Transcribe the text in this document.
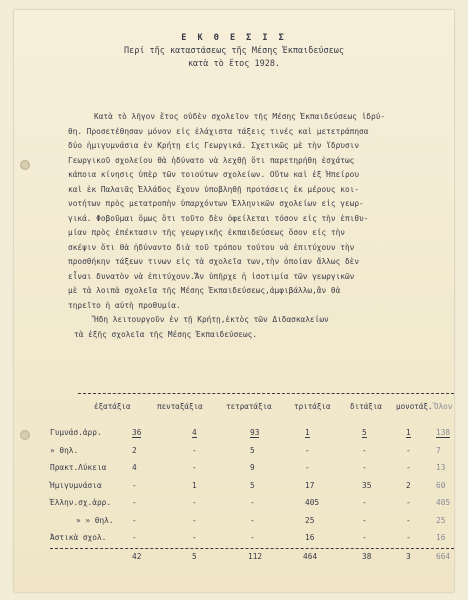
Ε Κ Θ Ε Σ Ι Σ
Περί τῆς καταστάσεως τῆς Μέσης Ἐκπαιδεύσεως
κατὰ τὸ ἔτος 1928.
Κατὰ τὸ λῆγον ἔτος οὐδὲν σχολεῖον τῆς Μέσης Ἐκπαιδεύσεως ἱδρύ-
θη. Προσετέθησαν μόνον εἰς ἐλάχιστα τάξεις τινές καὶ μετετράπησα
δύο ἡμιγυμνάσια ἐν Κρήτῃ εἰς Γεωργικά. Σχετικῶς μὲ τὴν ἵδρυσιν
Γεωργικοῦ σχολείου θὰ ἠδύνατο νὰ λεχθῇ ὅτι παρετηρήθη ἐσχάτως
κάποια κίνησις ὑπὲρ τῶν τοιούτων σχολείων. Οὕτω καὶ ἐξ Ἠπείρου
καὶ ἐκ Παλαιᾶς Ἑλλάδος ἔχουν ὑποβληθῇ προτάσεις ἐκ μέρους κοι-
νοτήτων πρὸς μετατροπὴν ὑπαρχόντων Ἑλληνικῶν σχολείων εἰς γεωρ-
γικά. Φοβοῦμαι ὅμως ὅτι τοῦτο δὲν ὀφείλεται τόσον εἰς τὴν ἐπιθυ-
μίαν πρὸς ἐπέκτασιν τῆς γεωργικῆς ἐκπαιδεύσεως ὅσον εἰς τὴν
σκέψιν ὅτι θὰ ἠδύναντο διὰ τοῦ τρόπου τούτου νὰ ἐπιτύχουν τὴν
προσθήκην τάξεων τινων εἰς τὰ σχολεῖα των,τὴν ὁποίαν ἄλλως δὲν
εἶναι δυνατὸν νὰ ἐπιτύχουν.Ἄν ὑπῆρχε ἡ ἰσοτιμία τῶν γεωργικῶν
μὲ τὰ λοιπὰ σχολεῖα τῆς Μέσης Ἐκπαιδεύσεως,ἀμφιβάλλω,ἂν θὰ
τηρεῖτο ἡ αὐτὴ προθυμία.
Ἤδη λειτουργοῦν ἐν τῇ Κρήτῃ,ἐκτὸς τῶν Διδασκαλείων
τὰ ἑξῆς σχολεῖα τῆς Μέσης Ἐκπαιδεύσεως.
ἑξατάξια	πενταξάξια	τετρατάξια	τριτάξια	διτάξια μονοτάξ. Ὅλον
Γυμνάσ.ἀρρ.	36	4	93	1	5	1	138
» θηλ.	2	-	5	-	-	-	7
Πρακτ.Λύκεια	4	-	9	-	-	-	13
Ἡμιγυμνάσια	-	1	5	17	35	2	60
Ἑλλην.σχ.ἀρρ.	-	-	-	405	-	-	405
» » θηλ. -	-	-	25	-	-	25
Ἀστικὰ σχολ.	-	-	-	16	-	-	16
42	5	112	464	38	3	664
